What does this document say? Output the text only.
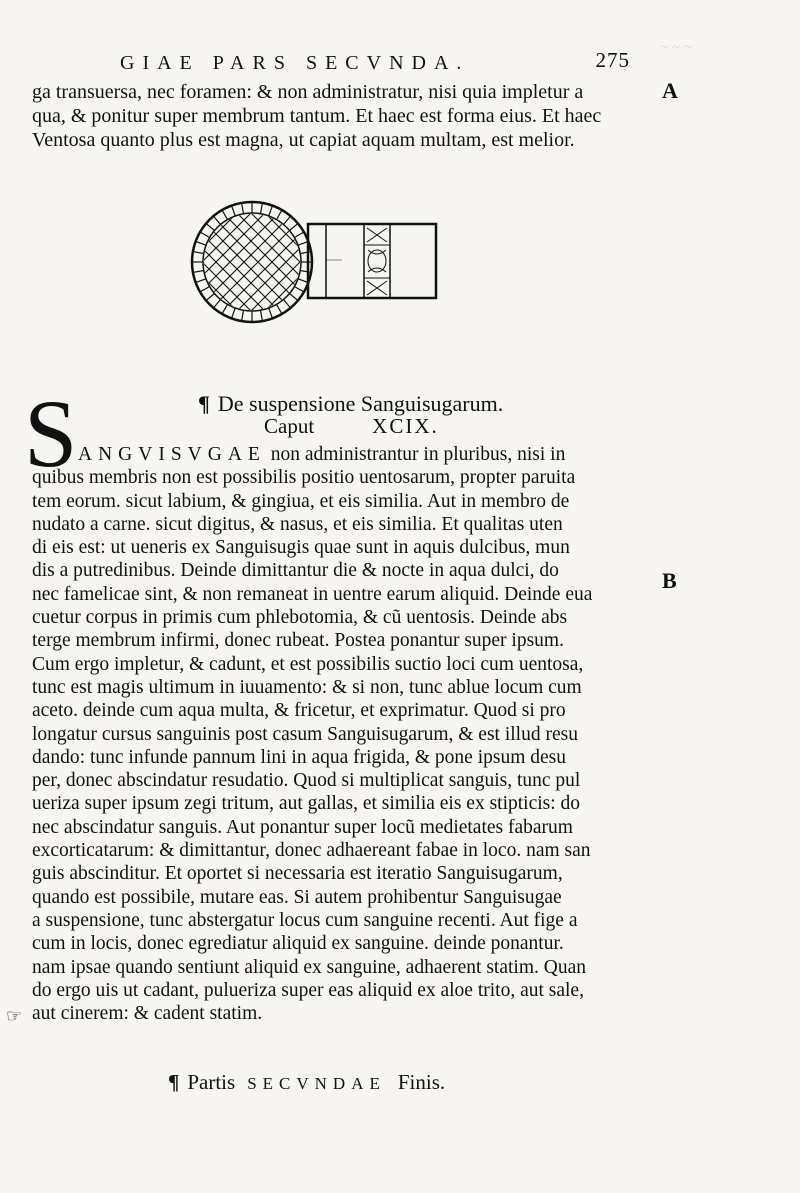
~ ~ ~
GIAE PARS SECVNDA.	275
ga transuersa, nec foramen: & non administratur, nisi quia impletur a
qua, & ponitur super membrum tantum. Et haec est forma eius. Et haec
Ventosa quanto plus est magna, ut capiat aquam multam, est melior.
A
B
¶ De suspensione Sanguisugarum.
Caput	XCIX.
S ANGVISVGAE non administrantur in pluribus, nisi in
quibus membris non est possibilis positio uentosarum, propter paruita
tem eorum. sicut labium, & gingiua, et eis similia. Aut in membro de
nudato a carne. sicut digitus, & nasus, et eis similia. Et qualitas uten
di eis est: ut ueneris ex Sanguisugis quae sunt in aquis dulcibus, mun
dis a putredinibus. Deinde dimittantur die & nocte in aqua dulci, do
nec famelicae sint, & non remaneat in uentre earum aliquid. Deinde eua
cuetur corpus in primis cum phlebotomia, & cũ uentosis. Deinde abs
terge membrum infirmi, donec rubeat. Postea ponantur super ipsum.
Cum ergo impletur, & cadunt, et est possibilis suctio loci cum uentosa,
tunc est magis ultimum in iuuamento: & si non, tunc ablue locum cum
aceto. deinde cum aqua multa, & fricetur, et exprimatur. Quod si pro
longatur cursus sanguinis post casum Sanguisugarum, & est illud resu
dando: tunc infunde pannum lini in aqua frigida, & pone ipsum desu
per, donec abscindatur resudatio. Quod si multiplicat sanguis, tunc pul
ueriza super ipsum zegi tritum, aut gallas, et similia eis ex stipticis: do
nec abscindatur sanguis. Aut ponantur super locũ medietates fabarum
excorticatarum: & dimittantur, donec adhaereant fabae in loco. nam san
guis abscinditur. Et oportet si necessaria est iteratio Sanguisugarum,
quando est possibile, mutare eas. Si autem prohibentur Sanguisugae
a suspensione, tunc abstergatur locus cum sanguine recenti. Aut fige a
cum in locis, donec egrediatur aliquid ex sanguine. deinde ponantur.
nam ipsae quando sentiunt aliquid ex sanguine, adhaerent statim. Quan
do ergo uis ut cadant, pulueriza super eas aliquid ex aloe trito, aut sale,
aut cinerem: & cadent statim.
☞
¶ Partis SECVNDAE Finis.
